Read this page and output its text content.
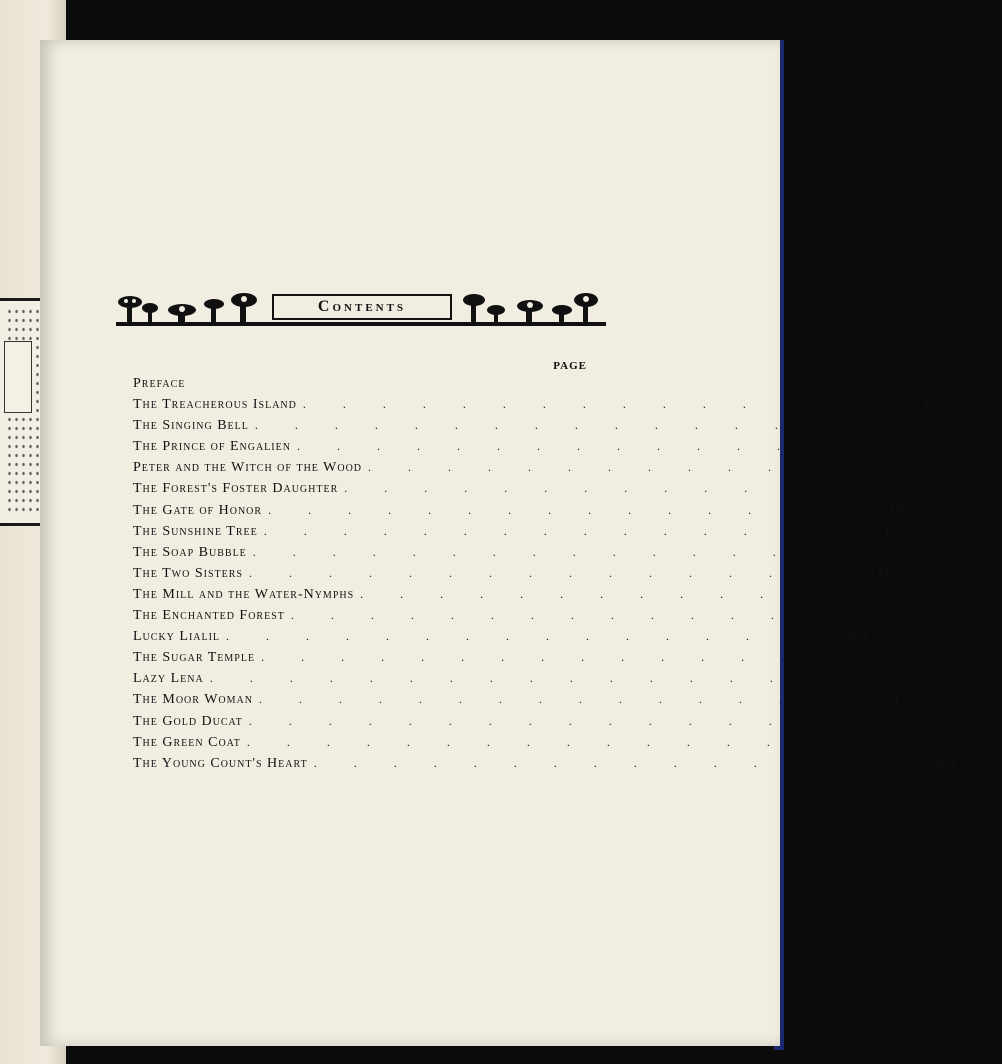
Contents
PAGE
Preface
The Treacherous Island . . . . . . . . . . . . . . . . 15
The Singing Bell . . . . . . . . . . . . . . . . 37
The Prince of Engalien . . . . . . . . . . . . . . . . 55
Peter and the Witch of the Wood . . . . . . . . . . . . . . . . 71
The Forest's Foster Daughter . . . . . . . . . . . . . . . . 91
The Gate of Honor . . . . . . . . . . . . . . . . 109
The Sunshine Tree . . . . . . . . . . . . . . . . 125
The Soap Bubble . . . . . . . . . . . . . . . . 137
The Two Sisters . . . . . . . . . . . . . . . . 151
The Mill and the Water-Nymphs . . . . . . . . . . . . . . . . 163
The Enchanted Forest . . . . . . . . . . . . . . . . 177
Lucky Lialil . . . . . . . . . . . . . . . . 193
The Sugar Temple . . . . . . . . . . . . . . . . 209
Lazy Lena . . . . . . . . . . . . . . . . 225
The Moor Woman . . . . . . . . . . . . . . . . 241
The Gold Ducat . . . . . . . . . . . . . . . . 255
The Green Coat . . . . . . . . . . . . . . . . 269
The Young Count's Heart . . . . . . . . . . . . . . . . 283
